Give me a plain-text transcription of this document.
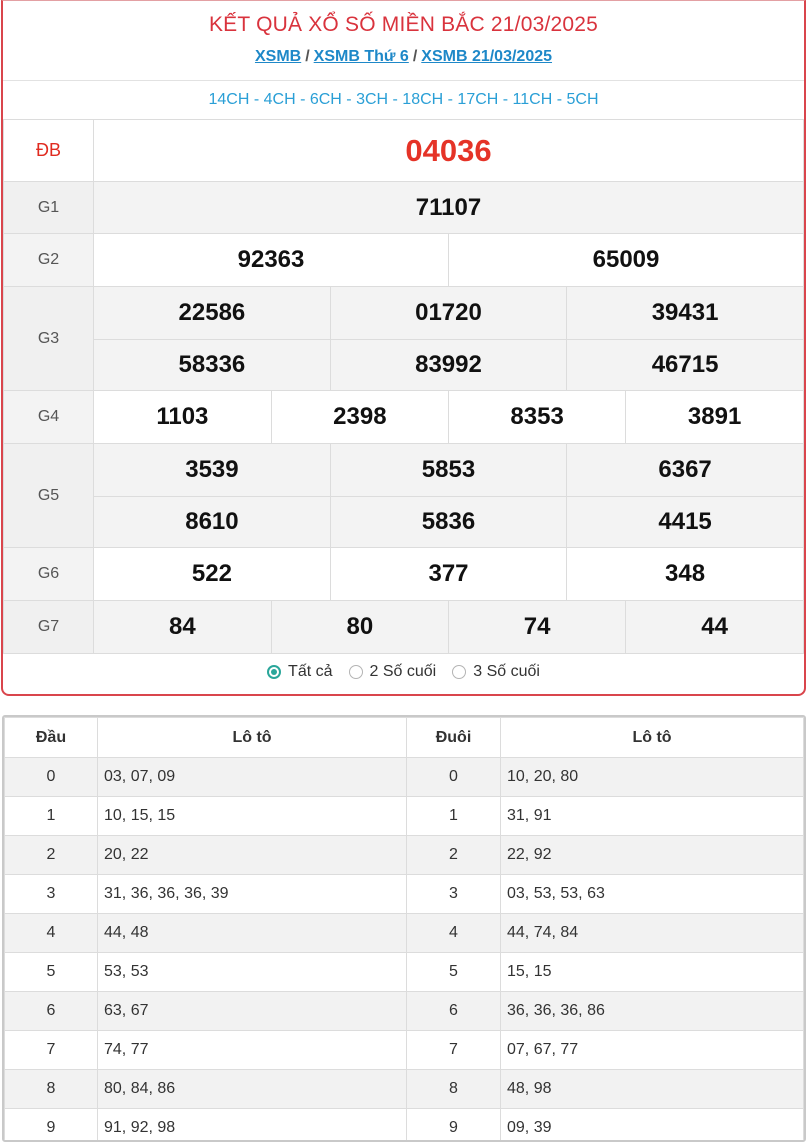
KẾT QUẢ XỔ SỐ MIỀN BẮC 21/03/2025
XSMB / XSMB Thứ 6 / XSMB 21/03/2025
14CH - 4CH - 6CH - 3CH - 18CH - 17CH - 11CH - 5CH
ĐB	04036
G1	71107
G2		92363	65009

G3	
22586	01720	39431
58336	83992	46715

G4		1103	2398	8353	3891

G5	
3539	5853	6367
8610	5836	4415

G6		522	377	348

G7		84	80	74	44
Tất cả 2 Số cuối 3 Số cuối
Đầu	Lô tô	Đuôi	Lô tô
0	03, 07, 09	0	10, 20, 80
1	10, 15, 15	1	31, 91
2	20, 22	2	22, 92
3	31, 36, 36, 36, 39	3	03, 53, 53, 63
4	44, 48	4	44, 74, 84
5	53, 53	5	15, 15
6	63, 67	6	36, 36, 36, 86
7	74, 77	7	07, 67, 77
8	80, 84, 86	8	48, 98
9	91, 92, 98	9	09, 39
